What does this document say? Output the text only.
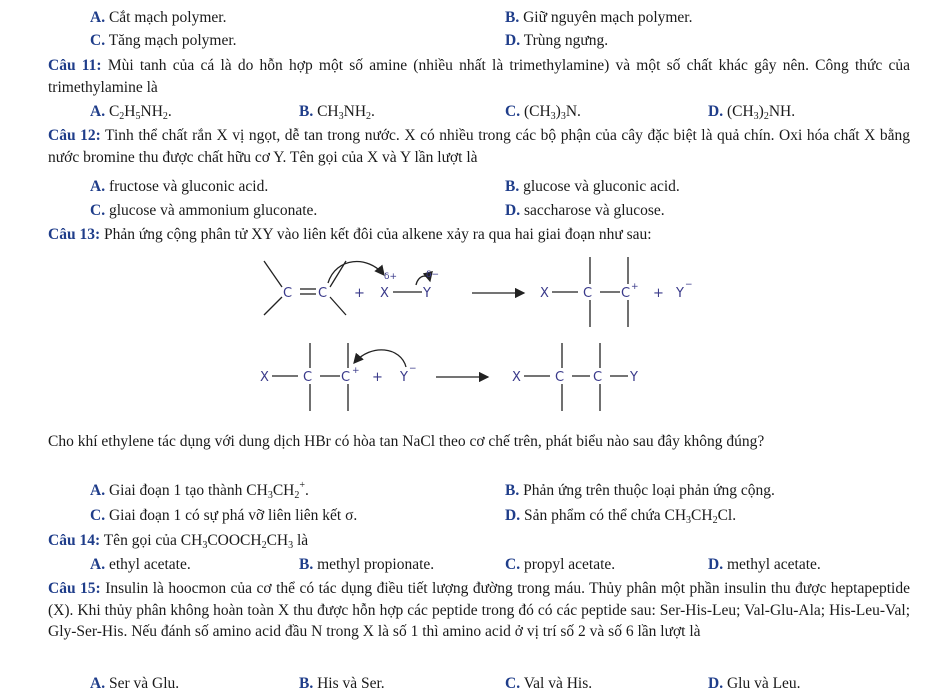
A. Cắt mạch polymer.	B. Giữ nguyên mạch polymer.
C. Tăng mạch polymer.	D. Trùng ngưng.
Câu 11: Mùi tanh của cá là do hỗn hợp một số amine (nhiều nhất là trimethylamine) và một số chất khác gây nên. Công thức của trimethylamine là
A. $C_2H_5NH_2$.	B. $CH_3NH_2$.	C. $(CH_3)_3N$.	D. $(CH_3)_2NH$.
Câu 12: Tinh thể chất rắn X vị ngọt, dễ tan trong nước. X có nhiều trong các bộ phận của cây đặc biệt là quả chín. Oxi hóa chất X bằng nước bromine thu được chất hữu cơ Y. Tên gọi của X và Y lần lượt là
A. fructose và gluconic acid.	B. glucose và gluconic acid.
C. glucose và ammonium gluconate.	D. saccharose và glucose.
Câu 13: Phản ứng cộng phân tử XY vào liên kết đôi của alkene xảy ra qua hai giai đoạn như sau:
C C + X
δ+
Y
δ−
X	C C + + Y
−
X	C C + + Y
−
X	C C Y
Cho khí ethylene tác dụng với dung dịch HBr có hòa tan NaCl theo cơ chế trên, phát biểu nào sau đây không đúng?
A. Giai đoạn 1 tạo thành $CH_3CH_2^+$.	B. Phản ứng trên thuộc loại phản ứng cộng.
C. Giai đoạn 1 có sự phá vỡ liên liên kết σ.	D. Sản phẩm có thể chứa $CH_3CH_2Cl$.
Câu 14: Tên gọi của $CH_3COOCH_2CH_3$ là
A. ethyl acetate.	B. methyl propionate.	C. propyl acetate.	D. methyl acetate.
Câu 15: Insulin là hoocmon của cơ thể có tác dụng điều tiết lượng đường trong máu. Thủy phân một phần insulin thu được heptapeptide (X). Khi thủy phân không hoàn toàn X thu được hỗn hợp các peptide trong đó có các peptide sau: Ser-His-Leu; Val-Glu-Ala; His-Leu-Val; Gly-Ser-His. Nếu đánh số amino acid đầu N trong X là số 1 thì amino acid ở vị trí số 2 và số 6 lần lượt là
A. Ser và Glu.	B. His và Ser.	C. Val và His.	D. Glu và Leu.
